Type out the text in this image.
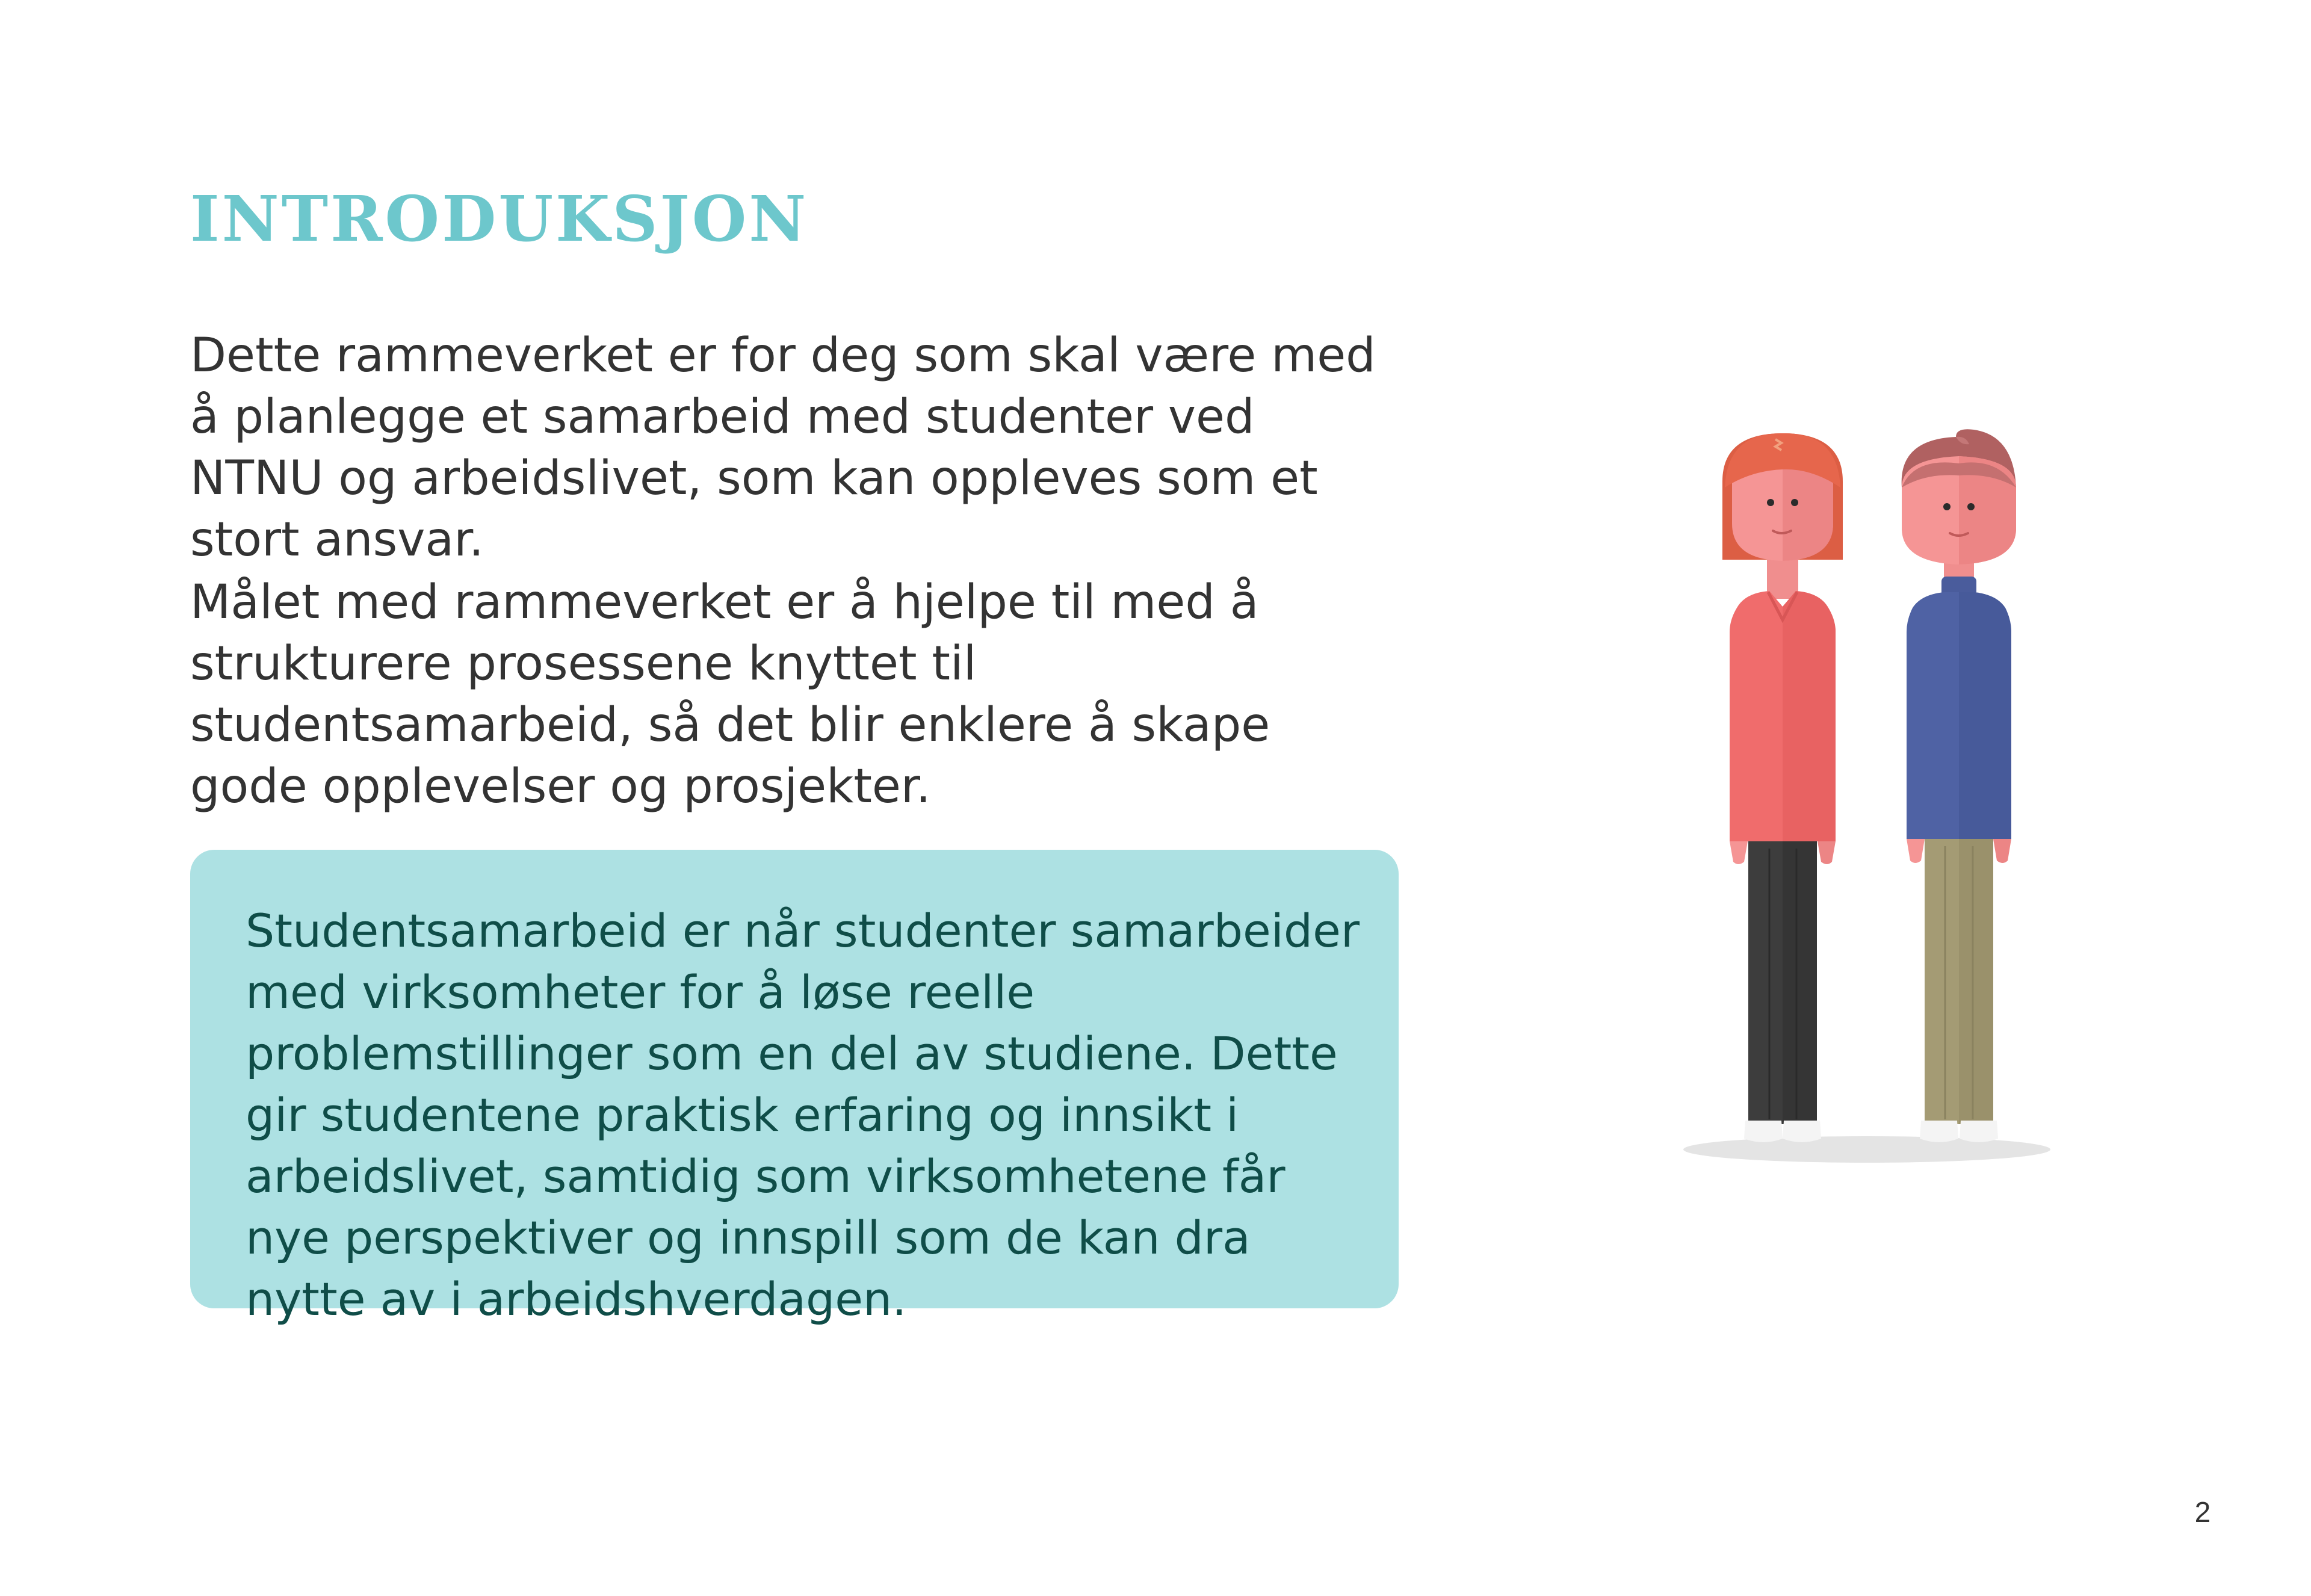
INTRODUKSJON

Dette rammeverket er for deg som skal være med å planlegge et samarbeid med studenter ved NTNU og arbeidslivet, som kan oppleves som et stort ansvar.

Målet med rammeverket er å hjelpe til med å strukturere prosessene knyttet til studentsamarbeid, så det blir enklere å skape gode opplevelser og prosjekter.

Studentsamarbeid er når studenter samarbeider med virksomheter for å løse reelle problemstillinger som en del av studiene. Dette gir studentene praktisk erfaring og innsikt i arbeidslivet, samtidig som virksomhetene får nye perspektiver og innspill som de kan dra nytte av i arbeidshverdagen.

2
